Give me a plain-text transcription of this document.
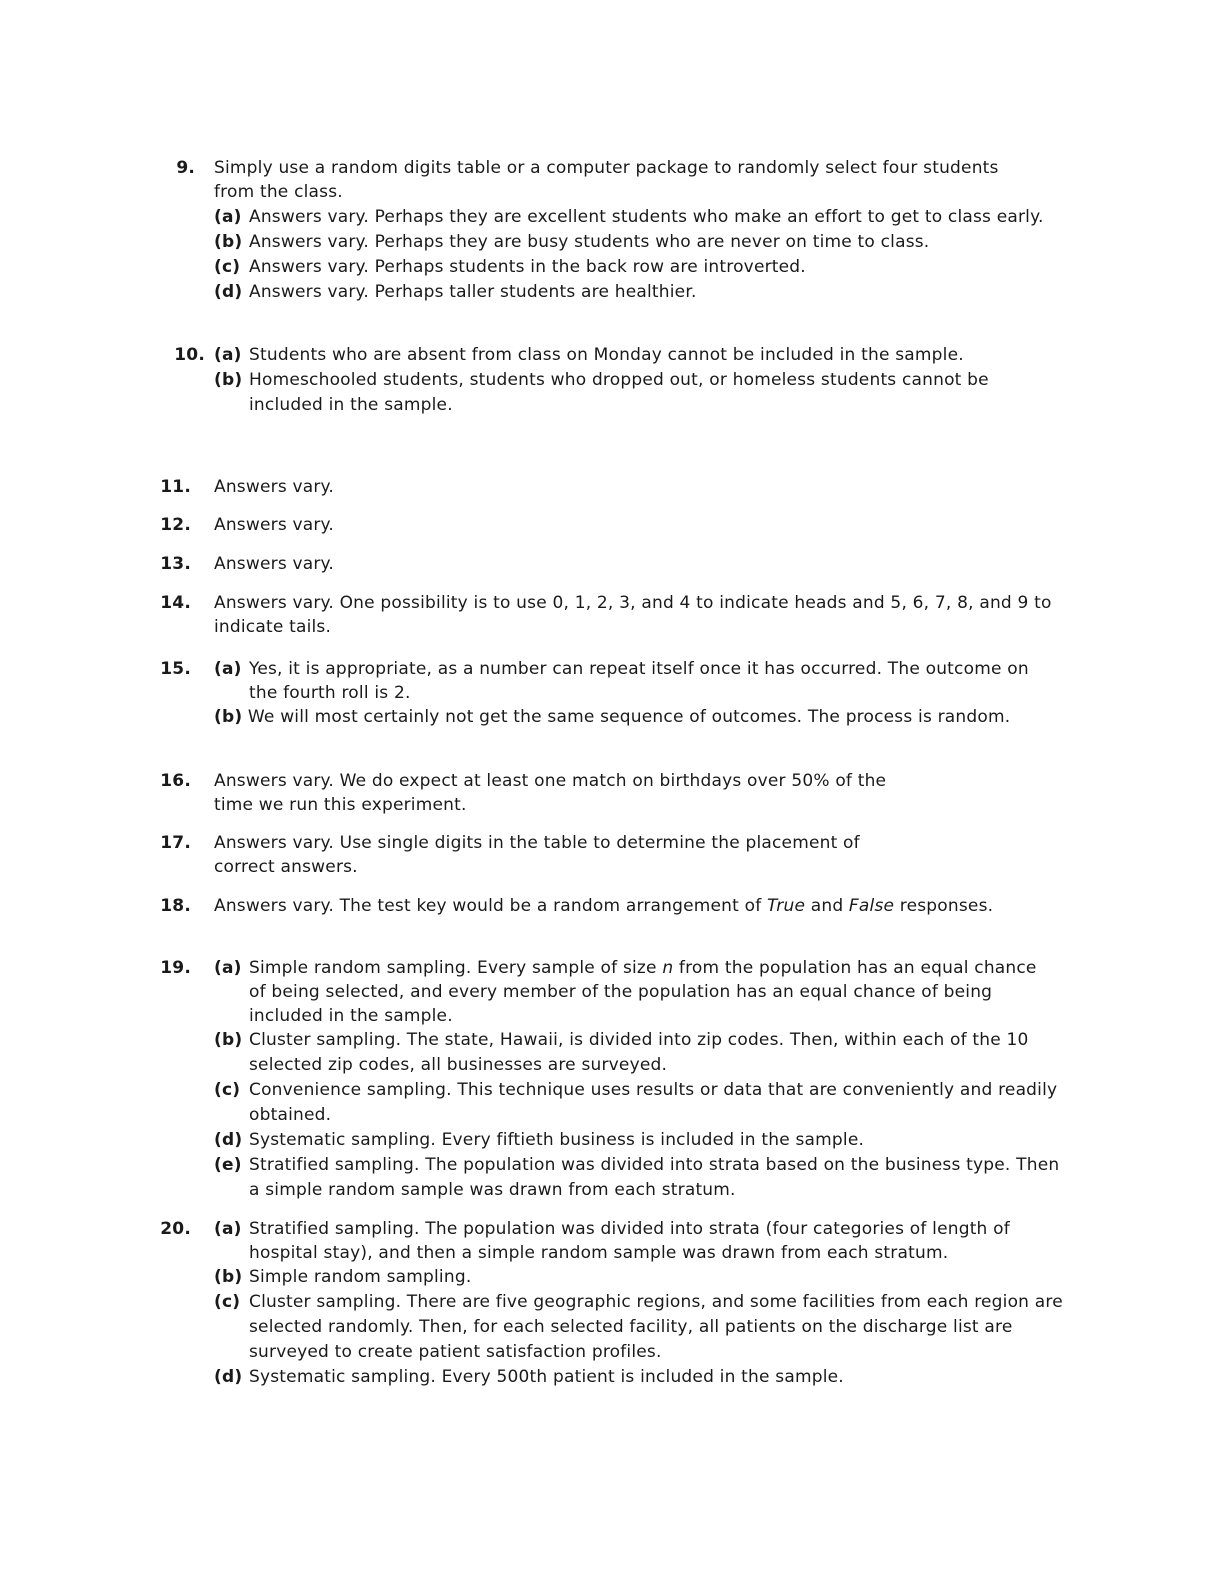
9. Simply use a random digits table or a computer package to randomly select four students from the class.
(a) Answers vary. Perhaps they are excellent students who make an effort to get to class early.
(b) Answers vary. Perhaps they are busy students who are never on time to class.
(c) Answers vary. Perhaps students in the back row are introverted.
(d) Answers vary. Perhaps taller students are healthier.
10. (a) Students who are absent from class on Monday cannot be included in the sample.
(b) Homeschooled students, students who dropped out, or homeless students cannot be included in the sample.
11. Answers vary.
12. Answers vary.
13. Answers vary.
14. Answers vary. One possibility is to use 0, 1, 2, 3, and 4 to indicate heads and 5, 6, 7, 8, and 9 to indicate tails.
15. (a) Yes, it is appropriate, as a number can repeat itself once it has occurred. The outcome on the fourth roll is 2.
(b) We will most certainly not get the same sequence of outcomes. The process is random.
16. Answers vary. We do expect at least one match on birthdays over 50% of the
time we run this experiment.
17. Answers vary. Use single digits in the table to determine the placement of
correct answers.
18. Answers vary. The test key would be a random arrangement of True and False responses.
19. (a) Simple random sampling. Every sample of size n from the population has an equal chance of being selected, and every member of the population has an equal chance of being included in the sample.
(b) Cluster sampling. The state, Hawaii, is divided into zip codes. Then, within each of the 10 selected zip codes, all businesses are surveyed.
(c) Convenience sampling. This technique uses results or data that are conveniently and readily obtained.
(d) Systematic sampling. Every fiftieth business is included in the sample.
(e) Stratified sampling. The population was divided into strata based on the business type. Then a simple random sample was drawn from each stratum.
20. (a) Stratified sampling. The population was divided into strata (four categories of length of hospital stay), and then a simple random sample was drawn from each stratum.
(b) Simple random sampling.
(c) Cluster sampling. There are five geographic regions, and some facilities from each region are selected randomly. Then, for each selected facility, all patients on the discharge list are surveyed to create patient satisfaction profiles.
(d) Systematic sampling. Every 500th patient is included in the sample.
